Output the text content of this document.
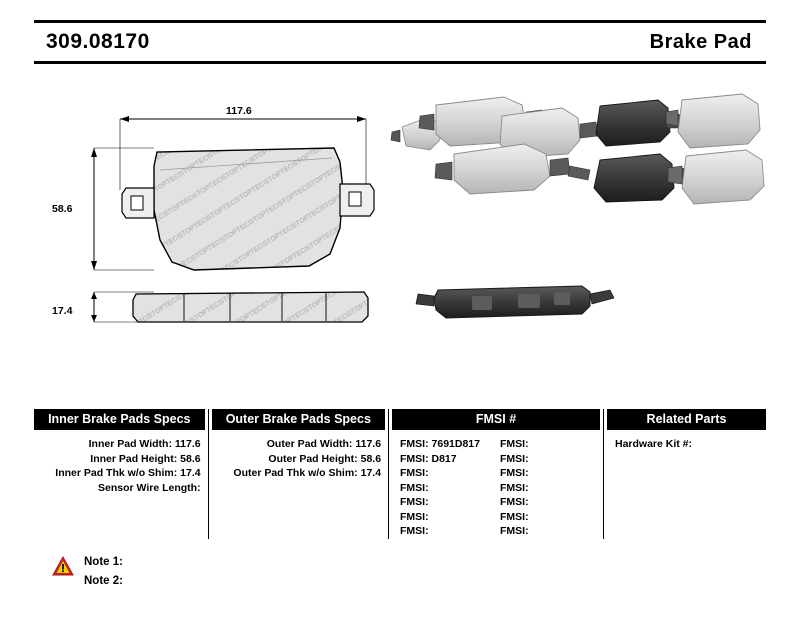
309.08170	Brake Pad
117.6
58.6
17.4
Inner Brake Pads Specs
Inner Pad Width: 117.6
Inner Pad Height: 58.6
Inner Pad Thk w/o Shim: 17.4
Sensor Wire Length:
Outer Brake Pads Specs
Outer Pad Width: 117.6
Outer Pad Height: 58.6
Outer Pad Thk w/o Shim: 17.4
FMSI #
FMSI: 7691D817
FMSI: D817
FMSI:
FMSI:
FMSI:
FMSI:
FMSI:
FMSI:
FMSI:
FMSI:
FMSI:
FMSI:
FMSI:
FMSI:
Related Parts
Hardware Kit #:
Note 1:
Note 2:
